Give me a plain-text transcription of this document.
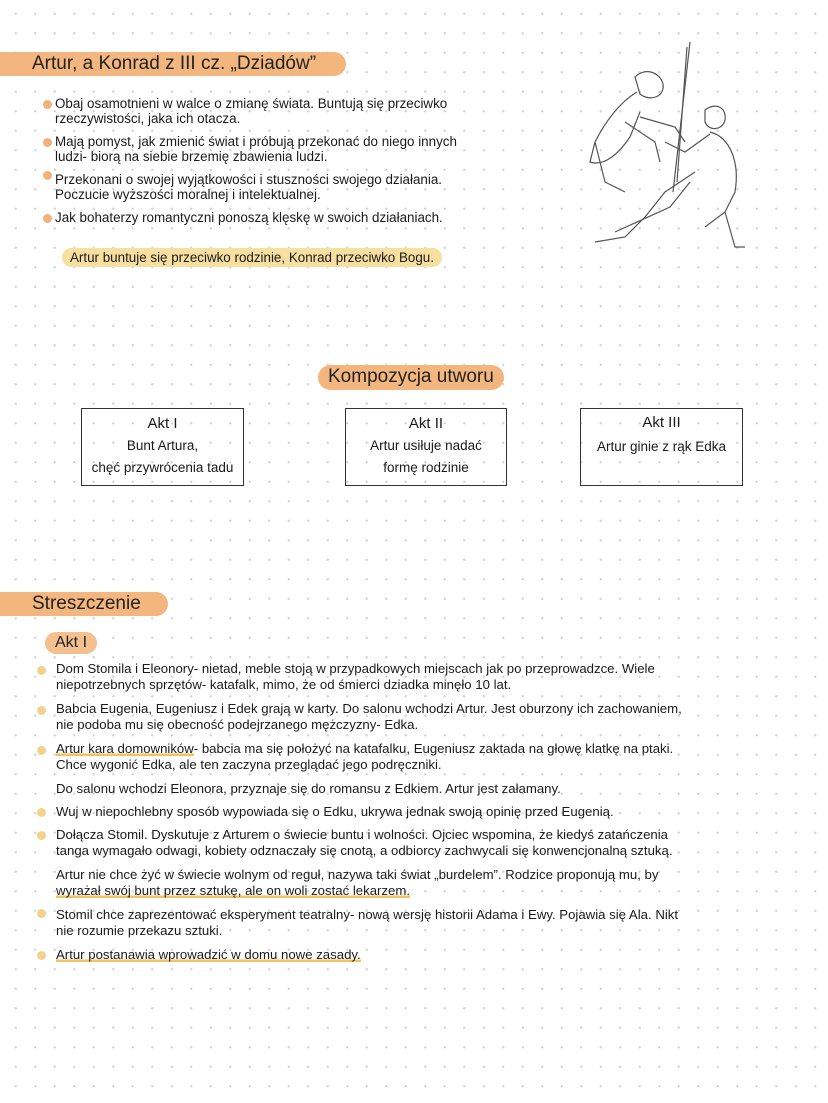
Artur, a Konrad z III cz. „Dziadów”
Obaj osamotnieni w walce o zmianę świata. Buntują się przeciwko
rzeczywistości, jaka ich otacza.
Mają pomyst, jak zmienić świat i próbują przekonać do niego innych
ludzi- biorą na siebie brzemię zbawienia ludzi.
Przekonani o swojej wyjątkowości i stuszności swojego działania.
Poczucie wyższości moralnej i intelektualnej.
Jak bohaterzy romantyczni ponoszą klęskę w swoich działaniach.
Artur buntuje się przeciwko rodzinie, Konrad przeciwko Bogu.
Kompozycja utworu
Akt I
Bunt Artura,
chęć przywrócenia tadu
Akt II
Artur usiłuje nadać
formę rodzinie
Akt III
Artur ginie z rąk Edka
Streszczenie
Akt I
Dom Stomila i Eleonory- nietad, meble stoją w przypadkowych miejscach jak po przeprowadzce. Wiele
niepotrzebnych sprzętów- katafalk, mimo, że od śmierci dziadka minęło 10 lat.
Babcia Eugenia, Eugeniusz i Edek grają w karty. Do salonu wchodzi Artur. Jest oburzony ich zachowaniem,
nie podoba mu się obecność podejrzanego mężczyzny- Edka.
Artur kara domowników- babcia ma się położyć na katafalku, Eugeniusz zaktada na głowę klatkę na ptaki.
Chce wygonić Edka, ale ten zaczyna przeglądać jego podręczniki.
Do salonu wchodzi Eleonora, przyznaje się do romansu z Edkiem. Artur jest załamany.
Wuj w niepochlebny sposób wypowiada się o Edku, ukrywa jednak swoją opinię przed Eugenią.
Dołącza Stomil. Dyskutuje z Arturem o świecie buntu i wolności. Ojciec wspomina, że kiedyś zatańczenia
tanga wymagało odwagi, kobiety odznaczały się cnotą, a odbiorcy zachwycali się konwencjonalną sztuką.
Artur nie chce żyć w świecie wolnym od reguł, nazywa taki świat „burdelem”. Rodzice proponują mu, by
wyrażał swój bunt przez sztukę, ale on woli zostać lekarzem.
Stomil chce zaprezentować eksperyment teatralny- nową wersję historii Adama i Ewy. Pojawia się Ala. Nikt
nie rozumie przekazu sztuki.
Artur postanawia wprowadzić w domu nowe zasady.
